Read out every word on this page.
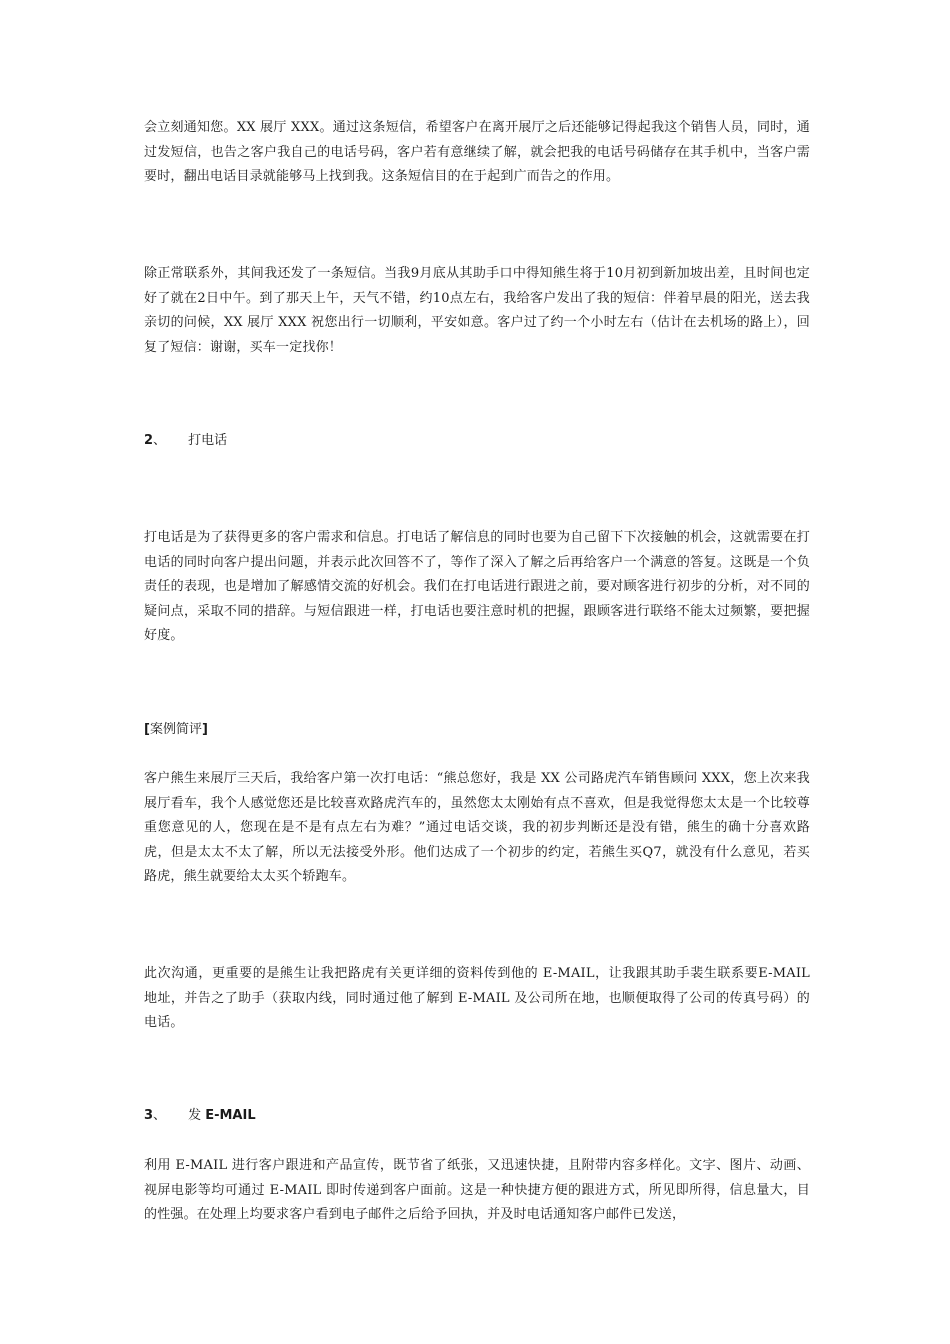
会立刻通知您。XX 展厅 XXX。通过这条短信，希望客户在离开展厅之后还能够记得起我这个销售人员，同时，通过发短信，也告之客户我自己的电话号码，客户若有意继续了解，就会把我的电话号码储存在其手机中，当客户需要时，翻出电话目录就能够马上找到我。这条短信目的在于起到广而告之的作用。
除正常联系外，其间我还发了一条短信。当我9月底从其助手口中得知熊生将于10月初到新加坡出差，且时间也定好了就在2日中午。到了那天上午，天气不错，约10点左右，我给客户发出了我的短信：伴着早晨的阳光，送去我亲切的问候，XX 展厅 XXX 祝您出行一切顺利，平安如意。客户过了约一个小时左右（估计在去机场的路上），回复了短信：谢谢，买车一定找你！
2、 打电话
打电话是为了获得更多的客户需求和信息。打电话了解信息的同时也要为自己留下下次接触的机会，这就需要在打电话的同时向客户提出问题，并表示此次回答不了，等作了深入了解之后再给客户一个满意的答复。这既是一个负责任的表现，也是增加了解感情交流的好机会。我们在打电话进行跟进之前，要对顾客进行初步的分析，对不同的疑问点，采取不同的措辞。与短信跟进一样，打电话也要注意时机的把握，跟顾客进行联络不能太过频繁，要把握好度。
[案例简评]
客户熊生来展厅三天后，我给客户第一次打电话：“熊总您好，我是 XX 公司路虎汽车销售顾问 XXX，您上次来我展厅看车，我个人感觉您还是比较喜欢路虎汽车的，虽然您太太刚始有点不喜欢，但是我觉得您太太是一个比较尊重您意见的人，您现在是不是有点左右为难？”通过电话交谈，我的初步判断还是没有错，熊生的确十分喜欢路虎，但是太太不太了解，所以无法接受外形。他们达成了一个初步的约定，若熊生买Q7，就没有什么意见，若买路虎，熊生就要给太太买个轿跑车。
此次沟通，更重要的是熊生让我把路虎有关更详细的资料传到他的 E-MAIL，让我跟其助手裴生联系要E-MAIL 地址，并告之了助手（获取内线，同时通过他了解到 E-MAIL 及公司所在地，也顺便取得了公司的传真号码）的电话。
3、 发 E-MAIL
利用 E-MAIL 进行客户跟进和产品宣传，既节省了纸张，又迅速快捷，且附带内容多样化。文字、图片、动画、视屏电影等均可通过 E-MAIL 即时传递到客户面前。这是一种快捷方便的跟进方式，所见即所得，信息量大，目的性强。在处理上均要求客户看到电子邮件之后给予回执，并及时电话通知客户邮件已发送，
